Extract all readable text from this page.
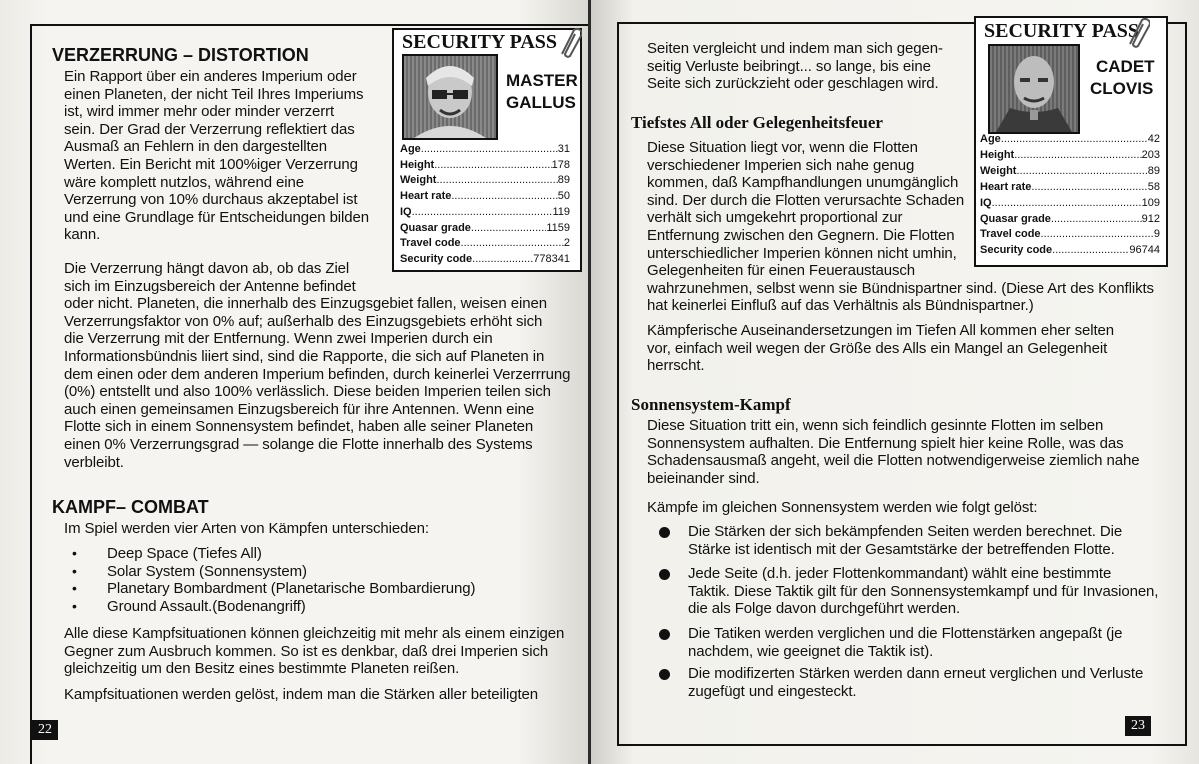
VERZERRUNG – DISTORTION
Ein Rapport über ein anderes Imperium oder
einen Planeten, der nicht Teil Ihres Imperiums
ist, wird immer mehr oder minder verzerrt
sein. Der Grad der Verzerrung reflektiert das
Ausmaß an Fehlern in den dargestellten
Werten. Ein Bericht mit 100%iger Verzerrung
wäre komplett nutzlos, während eine
Verzerrung von 10% durchaus akzeptabel ist
und eine Grundlage für Entscheidungen bilden
kann.
Die Verzerrung hängt davon ab, ob das Ziel
sich im Einzugsbereich der Antenne befindet
oder nicht. Planeten, die innerhalb des Einzugsgebiet fallen, weisen einen
Verzerrungsfaktor von 0% auf; außerhalb des Einzugsgebiets erhöht sich
die Verzerrung mit der Entfernung. Wenn zwei Imperien durch ein
Informationsbündnis liiert sind, sind die Rapporte, die sich auf Planeten in
dem einen oder dem anderen Imperium befinden, durch keinerlei Verzerrrung
(0%) entstellt und also 100% verlässlich. Diese beiden Imperien teilen sich
auch einen gemeinsamen Einzugsbereich für ihre Antennen. Wenn eine
Flotte sich in einem Sonnensystem befindet, haben alle seiner Planeten
einen 0% Verzerrungsgrad — solange die Flotte innerhalb des Systems
verbleibt.
KAMPF– COMBAT
Im Spiel werden vier Arten von Kämpfen unterschieden:
• Deep Space (Tiefes All)
• Solar System (Sonnensystem)
• Planetary Bombardment (Planetarische Bombardierung)
• Ground Assault.(Bodenangriff)
Alle diese Kampfsituationen können gleichzeitig mit mehr als einem einzigen
Gegner zum Ausbruch kommen. So ist es denkbar, daß drei Imperien sich
gleichzeitig um den Besitz eines bestimmte Planeten reißen.
Kampfsituationen werden gelöst, indem man die Stärken aller beteiligten
SECURITY PASS
MASTER
GALLUS
Age .....	31
Height .....	178
Weight .....	89
Heart rate .....	50
IQ .....	119
Quasar grade .....	1159
Travel code .....	2
Security code .....	778341
22
Seiten vergleicht und indem man sich gegen-
seitig Verluste beibringt... so lange, bis eine
Seite sich zurückzieht oder geschlagen wird.
Tiefstes All oder Gelegenheitsfeuer
Diese Situation liegt vor, wenn die Flotten
verschiedener Imperien sich nahe genug
kommen, daß Kampfhandlungen unumgänglich
sind. Der durch die Flotten verursachte Schaden
verhält sich umgekehrt proportional zur
Entfernung zwischen den Gegnern. Die Flotten
unterschiedlicher Imperien können nicht umhin,
Gelegenheiten für einen Feueraustausch
wahrzunehmen, selbst wenn sie Bündnispartner sind. (Diese Art des Konflikts
hat keinerlei Einfluß auf das Verhältnis als Bündnispartner.)
Kämpferische Auseinandersetzungen im Tiefen All kommen eher selten
vor, einfach weil wegen der Größe des Alls ein Mangel an Gelegenheit
herrscht.
Sonnensystem-Kampf
Diese Situation tritt ein, wenn sich feindlich gesinnte Flotten im selben
Sonnensystem aufhalten. Die Entfernung spielt hier keine Rolle, was das
Schadensausmaß angeht, weil die Flotten notwendigerweise ziemlich nahe
beieinander sind.
Kämpfe im gleichen Sonnensystem werden wie folgt gelöst:
Die Stärken der sich bekämpfenden Seiten werden berechnet. Die
Stärke ist identisch mit der Gesamtstärke der betreffenden Flotte.
Jede Seite (d.h. jeder Flottenkommandant) wählt eine bestimmte
Taktik. Diese Taktik gilt für den Sonnensystemkampf und für Invasionen,
die als Folge davon durchgeführt werden.
Die Tatiken werden verglichen und die Flottenstärken angepaßt (je
nachdem, wie geeignet die Taktik ist).
Die modifizerten Stärken werden dann erneut verglichen und Verluste
zugefügt und eingesteckt.
SECURITY PASS
CADET
CLOVIS
Age .....	42
Height .....	203
Weight .....	89
Heart rate .....	58
IQ .....	109
Quasar grade .....	912
Travel code .....	9
Security code .....	96744
23
